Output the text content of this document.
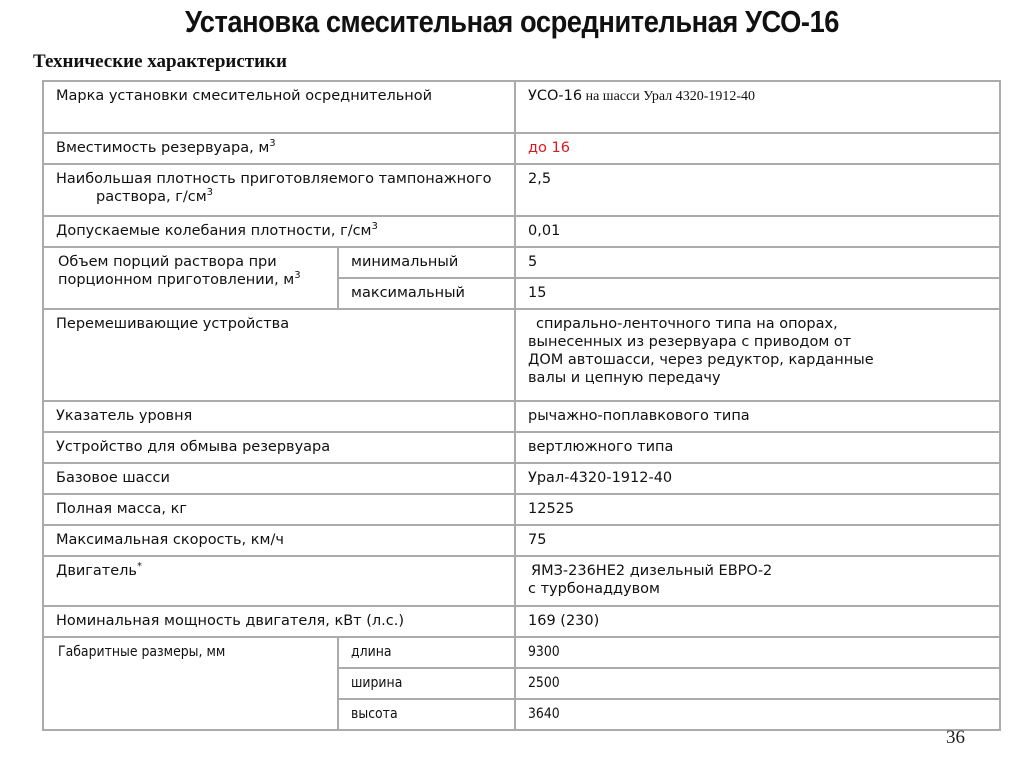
Установка смесительная осреднительная УСО-16
Технические характеристики
Марка установки смесительной осреднительной		УСО-16 на шасси Урал 4320-1912-40
Вместимость резервуара, $м^3$		до 16
Наибольшая плотность приготовляемого тампонажного
раствора, $г/см^3$		2,5
Допускаемые колебания плотности, $г/см^3$		0,01
Объем порций раствора при порционном приготовлении, $м^3$	минимальный	5
	максимальный	15
Перемешивающие устройства		спирально-ленточного типа на опорах,
вынесенных из резервуара с приводом от
ДОМ автошасси, через редуктор, карданные
валы и цепную передачу

Указатель уровня		рычажно-поплавкового типа
Устройство для обмыва резервуара		вертлюжного типа
Базовое шасси		Урал-4320-1912-40
Полная масса, кг		12525
Максимальная скорость, км/ч		75
Двигатель*		ЯМЗ-236НЕ2 дизельный ЕВРО-2
с турбонаддувом

Номинальная мощность двигателя, кВт (л.с.)		169 (230)
Габаритные размеры, мм	длина	9300
	ширина	2500
	высота	3640
36
